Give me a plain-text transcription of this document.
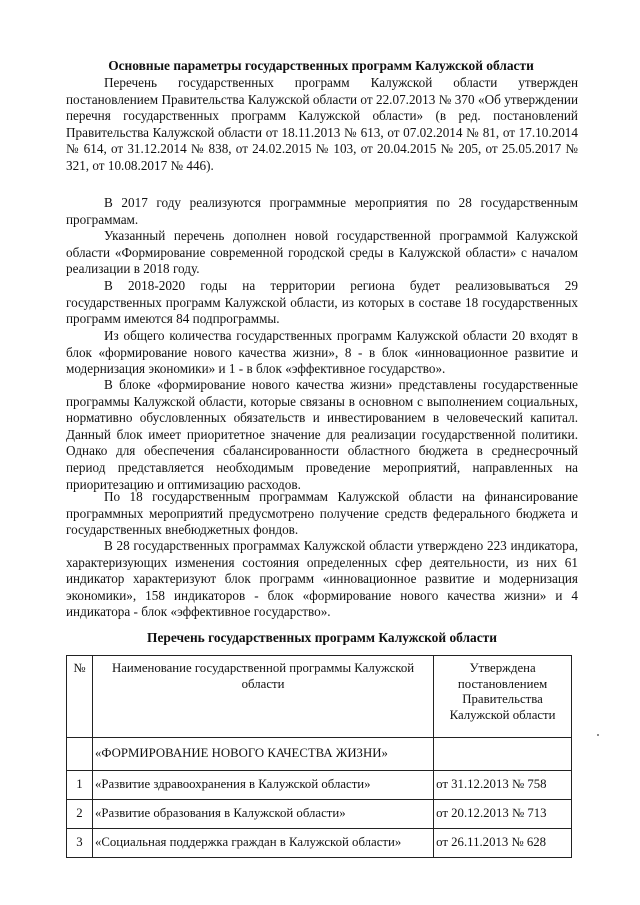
Основные параметры государственных программ Калужской области

Перечень государственных программ Калужской области утвержден постановлением Правительства Калужской области от 22.07.2013 № 370 «Об утверждении перечня государственных программ Калужской области» (в ред. постановлений Правительства Калужской области от 18.11.2013 № 613, от 07.02.2014 № 81, от 17.10.2014 № 614, от 31.12.2014 № 838, от 24.02.2015 № 103, от 20.04.2015 № 205, от 25.05.2017 № 321, от 10.08.2017 № 446).

В 2017 году реализуются программные мероприятия по 28 государственным программам.

Указанный перечень дополнен новой государственной программой Калужской области «Формирование современной городской среды в Калужской области» с началом реализации в 2018 году.

В 2018-2020 годы на территории региона будет реализовываться 29 государственных программ Калужской области, из которых в составе 18 государственных программ имеются 84 подпрограммы.

Из общего количества государственных программ Калужской области 20 входят в блок «формирование нового качества жизни», 8 - в блок «инновационное развитие и модернизация экономики» и 1 - в блок «эффективное государство».

В блоке «формирование нового качества жизни» представлены государственные программы Калужской области, которые связаны в основном с выполнением социальных, нормативно обусловленных обязательств и инвестированием в человеческий капитал. Данный блок имеет приоритетное значение для реализации государственной политики. Однако для обеспечения сбалансированности областного бюджета в среднесрочный период представляется необходимым проведение мероприятий, направленных на приоритезацию и оптимизацию расходов.

По 18 государственным программам Калужской области на финансирование программных мероприятий предусмотрено получение средств федерального бюджета и государственных внебюджетных фондов.

В 28 государственных программах Калужской области утверждено 223 индикатора, характеризующих изменения состояния определенных сфер деятельности, из них 61 индикатор характеризуют блок программ «инновационное развитие и модернизация экономики», 158 индикаторов - блок «формирование нового качества жизни» и 4 индикатора - блок «эффективное государство».

Перечень государственных программ Калужской области
№	Наименование государственной программы Калужской области	Утверждена постановлением Правительства Калужской области
	«ФОРМИРОВАНИЕ НОВОГО КАЧЕСТВА ЖИЗНИ»	
1	«Развитие здравоохранения в Калужской области»	от 31.12.2013 № 758
2	«Развитие образования в Калужской области»	от 20.12.2013 № 713
3	«Социальная поддержка граждан в Калужской области»	от 26.11.2013 № 628
